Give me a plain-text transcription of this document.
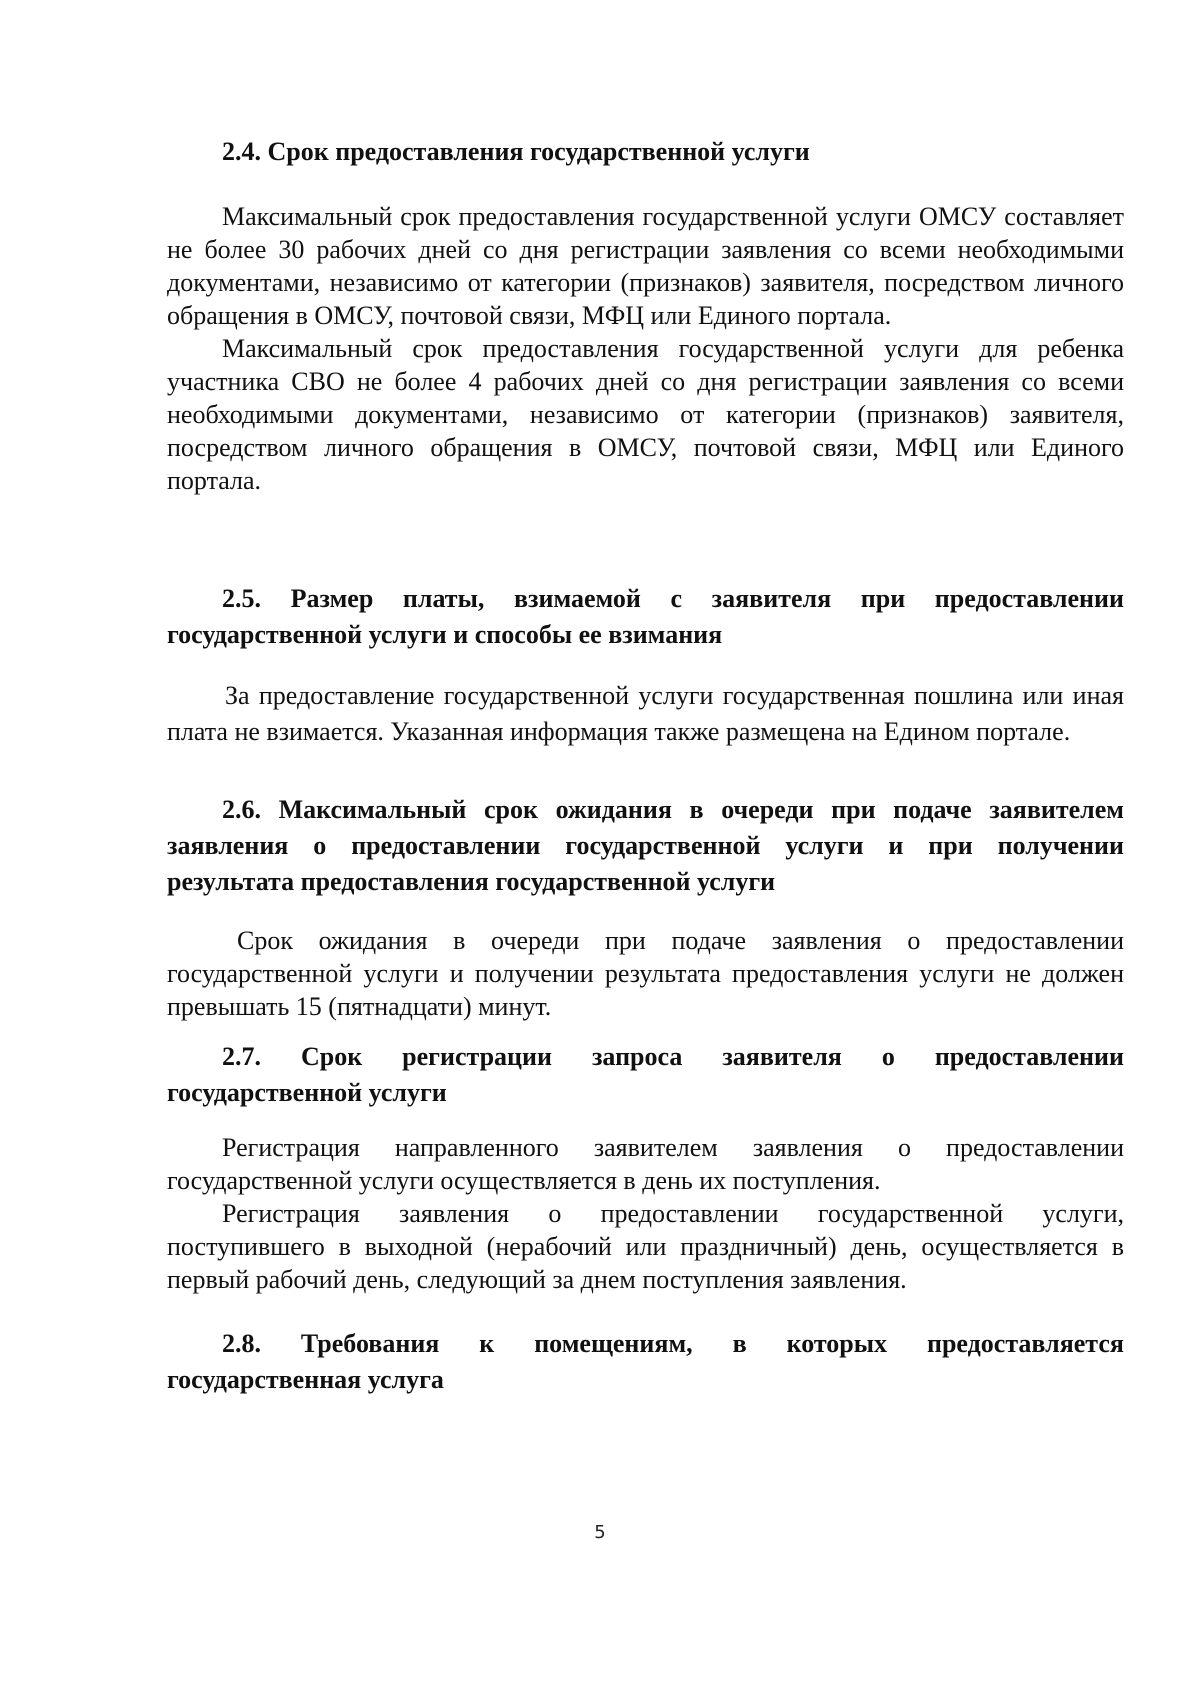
2.4. Срок предоставления государственной услуги

Максимальный срок предоставления государственной услуги ОМСУ составляет не более 30 рабочих дней со дня регистрации заявления со всеми необходимыми документами, независимо от категории (признаков) заявителя, посредством личного обращения в ОМСУ, почтовой связи, МФЦ или Единого портала.

Максимальный срок предоставления государственной услуги для ребенка участника СВО не более 4 рабочих дней со дня регистрации заявления со всеми необходимыми документами, независимо от категории (признаков) заявителя, посредством личного обращения в ОМСУ, почтовой связи, МФЦ или Единого портала.

2.5. Размер платы, взимаемой с заявителя при предоставлении государственной услуги и способы ее взимания

За предоставление государственной услуги государственная пошлина или иная плата не взимается. Указанная информация также размещена на Едином портале.

2.6. Максимальный срок ожидания в очереди при подаче заявителем заявления о предоставлении государственной услуги и при получении результата предоставления государственной услуги

Срок ожидания в очереди при подаче заявления о предоставлении государственной услуги и получении результата предоставления услуги не должен превышать 15 (пятнадцати) минут.

2.7. Срок регистрации запроса заявителя о предоставлении государственной услуги

Регистрация направленного заявителем заявления о предоставлении государственной услуги осуществляется в день их поступления.

Регистрация заявления о предоставлении государственной услуги, поступившего в выходной (нерабочий или праздничный) день, осуществляется в первый рабочий день, следующий за днем поступления заявления.

2.8. Требования к помещениям, в которых предоставляется государственная услуга

5
